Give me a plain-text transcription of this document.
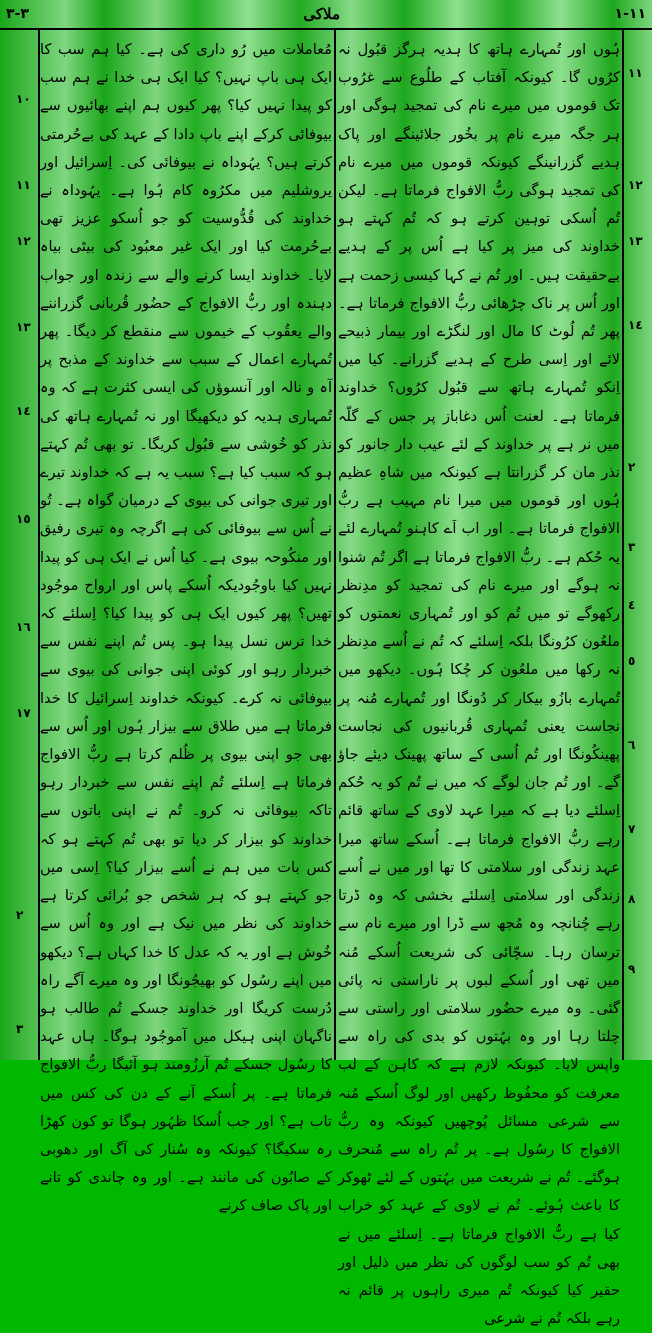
٣-٣	ملاکی	١١-١

ہُوں اور تُمہارے ہاتھ کا ہدیہ ہرگز قبُول نہ کرُوں گا۔ کیونکہ آفتاب کے طلُوع سے غرُوب تک قوموں میں میرے نام کی تمجید ہوگی اور ہر جگہ میرے نام پر بخُور جلائینگے اور پاک ہدیے گزرانینگے کیونکہ قوموں میں میرے نام کی تمجید ہوگی ربُّ الافواج فرماتا ہے۔ لیکن تُم اُسکی توہین کرتے ہو کہ تُم کہتے ہو خداوند کی میز پر کیا ہے اُس پر کے ہدیے بےحقیقت ہیں۔ اور تُم نے کہا کیسی زحمت ہے اور اُس پر ناک چڑھائی ربُّ الافواج فرماتا ہے۔ پھر تُم لُوٹ کا مال اور لنگڑے اور بیمار ذبیحے لائے اور اِسی طرح کے ہدیے گزرانے۔ کیا میں اِنکو تُمہارے ہاتھ سے قبُول کرُوں؟ خداوند فرماتا ہے۔ لعنت اُس دغاباز پر جس کے گلّہ میں نر ہے پر خداوند کے لئے عیب دار جانور کو نذر مان کر گزرانتا ہے کیونکہ میں شاہِ عظیم ہُوں اور قوموں میں میرا نام مہیب ہے ربُّ الافواج فرماتا ہے۔ اور اب اَے کاہنو تُمہارے لئے یہ حُکم ہے۔ ربُّ الافواج فرماتا ہے اگر تُم شنوا نہ ہوگے اور میرے نام کی تمجید کو مدِنظر رکھوگے تو میں تُم کو اور تُمہاری نعمتوں کو ملعُون کرُونگا بلکہ اِسلئے کہ تُم نے اُسے مدِنظر نہ رکھا میں ملعُون کر چُکا ہُوں۔ دیکھو میں تُمہارے بازُو بیکار کر دُونگا اور تُمہارے مُنہ پر نجاست یعنی تُمہاری قُربانیوں کی نجاست پھینکُونگا اور تُم اُسی کے ساتھ پھینک دیئے جاؤ گے۔ اور تُم جان لوگے کہ میں نے تُم کو یہ حُکم اِسلئے دیا ہے کہ میرا عہد لاوی کے ساتھ قائم رہے ربُّ الافواج فرماتا ہے۔ اُسکے ساتھ میرا عہد زندگی اور سلامتی کا تھا اور میں نے اُسے زندگی اور سلامتی اِسلئے بخشی کہ وہ ڈرتا رہے چُنانچہ وہ مُجھ سے ڈرا اور میرے نام سے ترسان رہا۔ سچّائی کی شریعت اُسکے مُنہ میں تھی اور اُسکے لبوں پر ناراستی نہ پائی گئی۔ وہ میرے حضُور سلامتی اور راستی سے چلتا رہا اور وہ بہُتوں کو بدی کی راہ سے واپس لایا۔ کیونکہ لازم ہے کہ کاہن کے لب معرفت کو محفُوظ رکھیں اور لوگ اُسکے مُنہ سے شرعی مسائل پُوچھیں کیونکہ وہ ربُّ الافواج کا رسُول ہے۔ پر تُم راہ سے مُنحرف ہوگئے۔ تُم نے شریعت میں بہُتوں کے لئے ٹھوکر کا باعث ہُوئے۔ تُم نے لاوی کے عہد کو خراب کیا ہے ربُّ الافواج فرماتا ہے۔ اِسلئے میں نے بھی تُم کو سب لوگوں کی نظر میں ذلیل اور حقیر کیا کیونکہ تُم میری راہوں پر قائم نہ رہے بلکہ تُم نے شرعی

مُعاملات میں رُو داری کی ہے۔ کیا ہم سب کا ایک ہی باپ نہیں؟ کیا ایک ہی خدا نے ہم سب کو پیدا نہیں کیا؟ پھر کیوں ہم اپنے بھائیوں سے بیوفائی کرکے اپنے باپ دادا کے عہد کی بےحُرمتی کرتے ہیں؟ یہُوداہ نے بیوفائی کی۔ اِسرائیل اور یروشلیم میں مکرُوہ کام ہُوا ہے۔ یہُوداہ نے خداوند کی قُدُّوسیت کو جو اُسکو عزیز تھی بےحُرمت کیا اور ایک غیر معبُود کی بیٹی بیاہ لایا۔ خداوند ایسا کرنے والے سے زندہ اور جواب دہندہ اور ربُّ الافواج کے حضُور قُربانی گزراننے والے یعقُوب کے خیموں سے منقطع کر دیگا۔ پھر تُمہارے اعمال کے سبب سے خداوند کے مذبح پر آہ و نالہ اور آنسوؤں کی ایسی کثرت ہے کہ وہ تُمہاری ہدیہ کو دیکھیگا اور نہ تُمہارے ہاتھ کی نذر کو خُوشی سے قبُول کریگا۔ تو بھی تُم کہتے ہو کہ سبب کیا ہے؟ سبب یہ ہے کہ خداوند تیرے اور تیری جوانی کی بیوی کے درمیان گواہ ہے۔ تُو نے اُس سے بیوفائی کی ہے اگرچہ وہ تیری رفیق اور منکُوحہ بیوی ہے۔ کیا اُس نے ایک ہی کو پیدا نہیں کیا باوجُودیکہ اُسکے پاس اور ارواح موجُود تھیں؟ پھر کیوں ایک ہی کو پیدا کیا؟ اِسلئے کہ خدا ترس نسل پیدا ہو۔ پس تُم اپنے نفس سے خبردار رہو اور کوئی اپنی جوانی کی بیوی سے بیوفائی نہ کرے۔ کیونکہ خداوند اِسرائیل کا خدا فرماتا ہے میں طلاق سے بیزار ہُوں اور اُس سے بھی جو اپنی بیوی پر ظُلم کرتا ہے ربُّ الافواج فرماتا ہے اِسلئے تُم اپنے نفس سے خبردار رہو تاکہ بیوفائی نہ کرو۔ تُم نے اپنی باتوں سے خداوند کو بیزار کر دیا تو بھی تُم کہتے ہو کہ کس بات میں ہم نے اُسے بیزار کیا؟ اِسی میں جو کہتے ہو کہ ہر شخص جو بُرائی کرتا ہے خداوند کی نظر میں نیک ہے اور وہ اُس سے خُوش ہے اور یہ کہ عدل کا خدا کہاں ہے؟ دیکھو میں اپنے رسُول کو بھیجُونگا اور وہ میرے آگے راہ دُرست کریگا اور خداوند جسکے تُم طالب ہو ناگہان اپنی ہیکل میں آموجُود ہوگا۔ ہاں عہد کا رسُول جسکے تُم آرزُومند ہو آئیگا ربُّ الافواج فرماتا ہے۔ پر اُسکے آنے کے دن کی کس میں تاب ہے؟ اور جب اُسکا ظہُور ہوگا تو کون کھڑا رہ سکیگا؟ کیونکہ وہ سُنار کی آگ اور دھوبی کے صابُون کی مانند ہے۔ اور وہ چاندی کو تانے اور پاک صاف کرنے

١١
١٢
١٣
١٤
٢
٣
٤
٥
٦
٧
٨
٩
١٠
١١
١٢
١٣
١٤
١٥
١٦
١٧
٢
٣
